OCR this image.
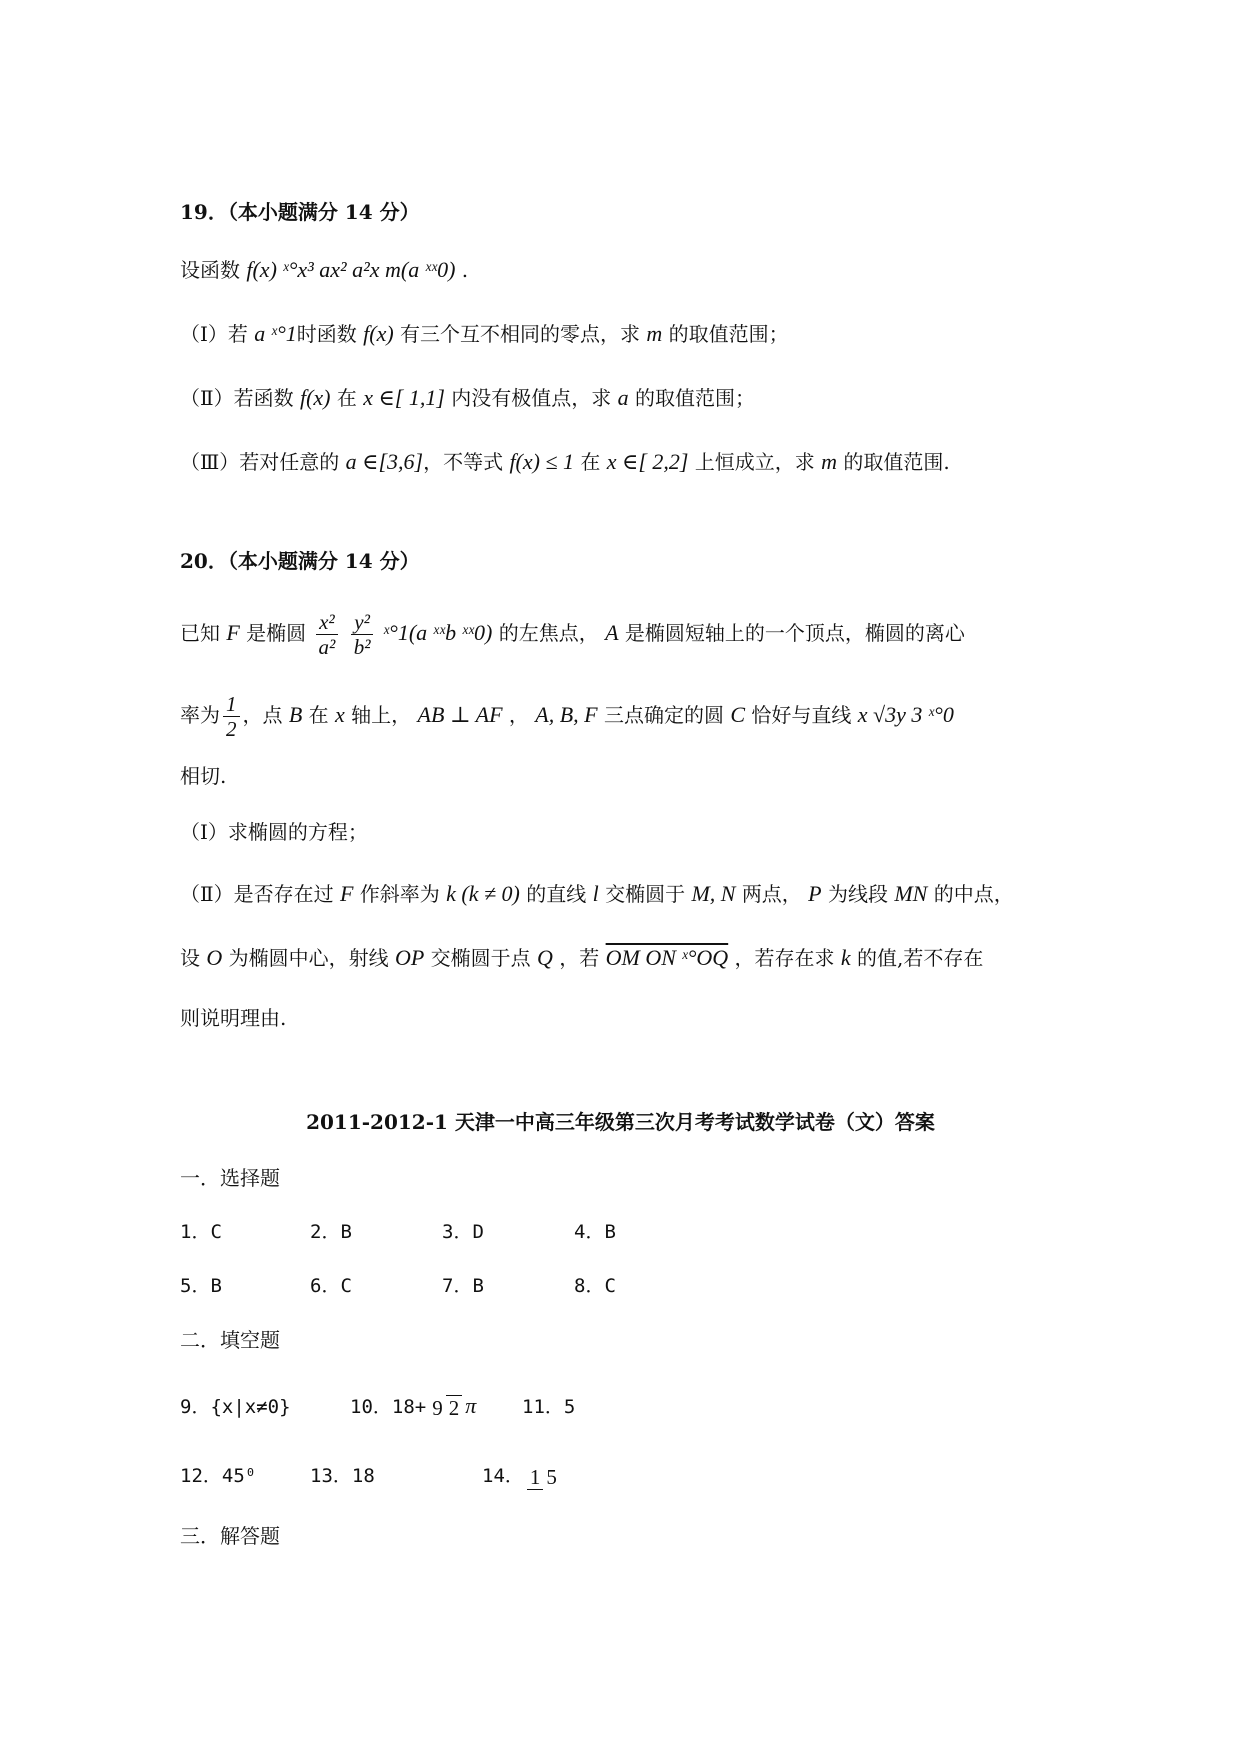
19．（本小题满分 14 分）
设函数 f(x) ˣ°x³ ax² a²x m(a ˣˣ0) .
（Ⅰ）若 a ˣ°1时函数 f(x) 有三个互不相同的零点，求 m 的取值范围；
（Ⅱ）若函数 f(x) 在 x ∈[ 1,1] 内没有极值点，求 a 的取值范围；
（Ⅲ）若对任意的 a ∈[3,6]，不等式 f(x) ≤ 1 在 x ∈[ 2,2] 上恒成立，求 m 的取值范围.
20．（本小题满分 14 分）
已知 F 是椭圆 $\frac{\text{x²}}{\text{a²}}$
$\frac{\text{y²}}{\text{b²}}$ ˣ°1(a ˣˣb ˣˣ0) 的左焦点， A 是椭圆短轴上的一个顶点，椭圆的离心
率为 $\frac{1}{2}$ ，点 B 在 x 轴上， AB ⊥ AF ， A, B, F 三点确定的圆 C 恰好与直线 x √3y 3 ˣ°0
相切.
（Ⅰ）求椭圆的方程；
（Ⅱ）是否存在过 F 作斜率为 k (k ≠ 0) 的直线 l 交椭圆于 M, N 两点， P 为线段 MN 的中点，
设 O 为椭圆中心，射线 OP 交椭圆于点 Q ，若 OM ON ˣ°OQ ，若存在求 k 的值,若不存在
则说明理由.
2011-2012-1 天津一中高三年级第三次月考考试数学试卷（文）答案
一．选择题
1．C	2．B	3．D	4．B
5．B	6．C	7．B	8．C
二．填空题
9．{x|x≠0}	10．18+ 9 2 π 11．5
12．45⁰	13．18	14． 1 5
三．解答题
